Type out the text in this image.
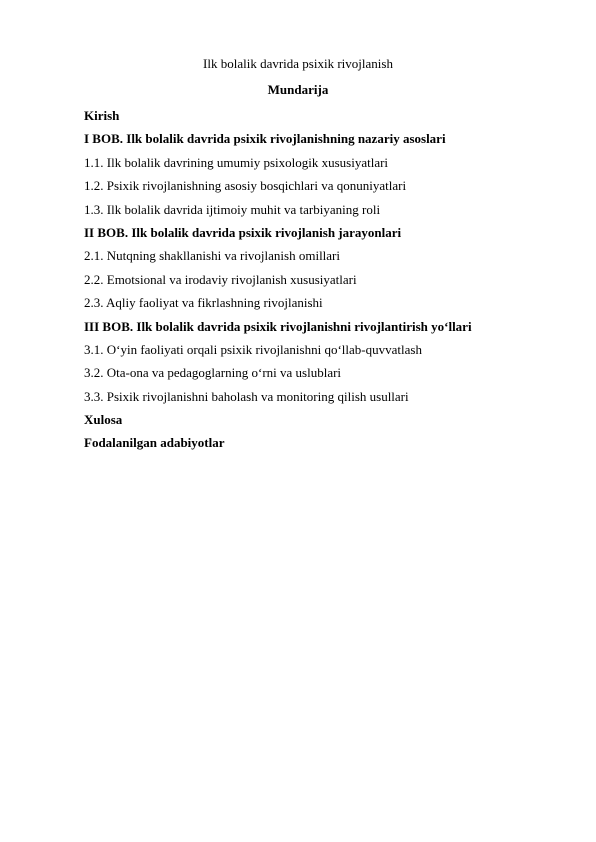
Ilk bolalik davrida psixik rivojlanish
Mundarija
Kirish
I BOB. Ilk bolalik davrida psixik rivojlanishning nazariy asoslari
1.1. Ilk bolalik davrining umumiy psixologik xususiyatlari
1.2. Psixik rivojlanishning asosiy bosqichlari va qonuniyatlari
1.3. Ilk bolalik davrida ijtimoiy muhit va tarbiyaning roli
II BOB. Ilk bolalik davrida psixik rivojlanish jarayonlari
2.1. Nutqning shakllanishi va rivojlanish omillari
2.2. Emotsional va irodaviy rivojlanish xususiyatlari
2.3. Aqliy faoliyat va fikrlashning rivojlanishi
III BOB. Ilk bolalik davrida psixik rivojlanishni rivojlantirish yo‘llari
3.1. O‘yin faoliyati orqali psixik rivojlanishni qo‘llab-quvvatlash
3.2. Ota-ona va pedagoglarning o‘rni va uslublari
3.3. Psixik rivojlanishni baholash va monitoring qilish usullari
Xulosa
Fodalanilgan adabiyotlar
